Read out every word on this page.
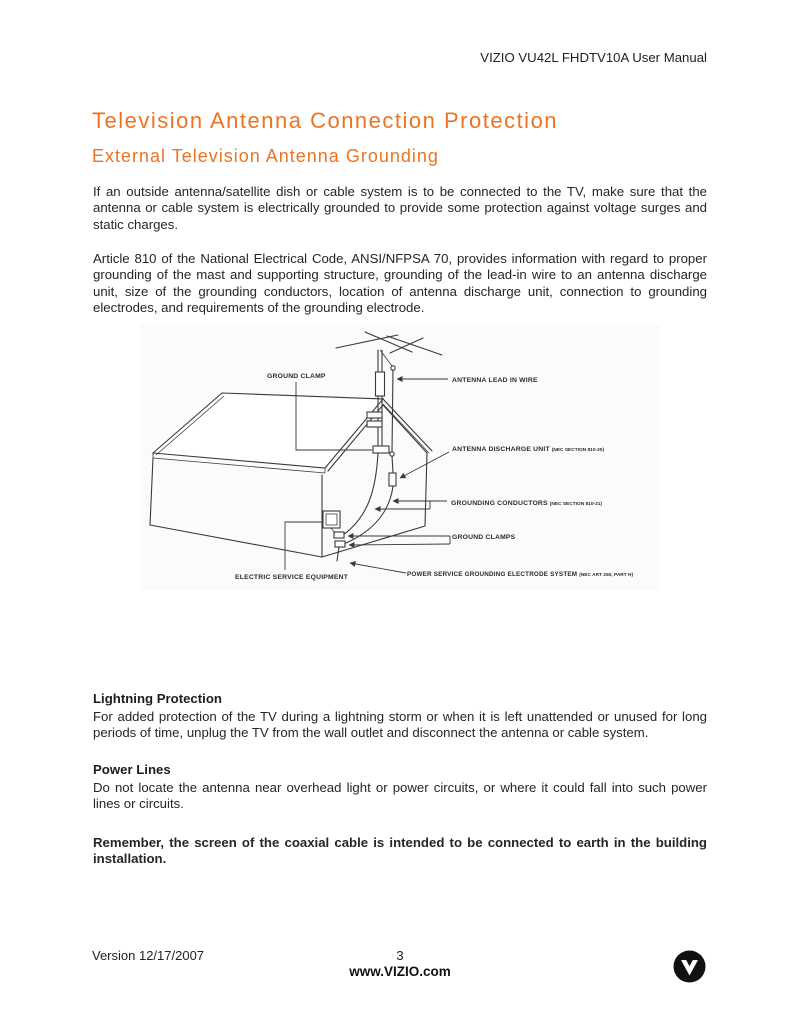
VIZIO VU42L FHDTV10A User Manual
Television Antenna Connection Protection
External Television Antenna Grounding
If an outside antenna/satellite dish or cable system is to be connected to the TV, make sure that the antenna or cable system is electrically grounded to provide some protection against voltage surges and static charges.
Article 810 of the National Electrical Code, ANSI/NFPSA 70, provides information with regard to proper grounding of the mast and supporting structure, grounding of the lead-in wire to an antenna discharge unit, size of the grounding conductors, location of antenna discharge unit, connection to grounding electrodes, and requirements of the grounding electrode.
GROUND CLAMP
ANTENNA LEAD IN WIRE
ANTENNA DISCHARGE UNIT (NEC SECTION 810-20)
GROUNDING CONDUCTORS (NEC SECTION 810-21)
GROUND CLAMPS
ELECTRIC SERVICE EQUIPMENT	POWER SERVICE GROUNDING ELECTRODE SYSTEM (NEC ART 250, PART H)
Lightning Protection
For added protection of the TV during a lightning storm or when it is left unattended or unused for long periods of time, unplug the TV from the wall outlet and disconnect the antenna or cable system.
Power Lines
Do not locate the antenna near overhead light or power circuits, or where it could fall into such power lines or circuits.
Remember, the screen of the coaxial cable is intended to be connected to earth in the building installation.
Version 12/17/2007	3
www.VIZIO.com
